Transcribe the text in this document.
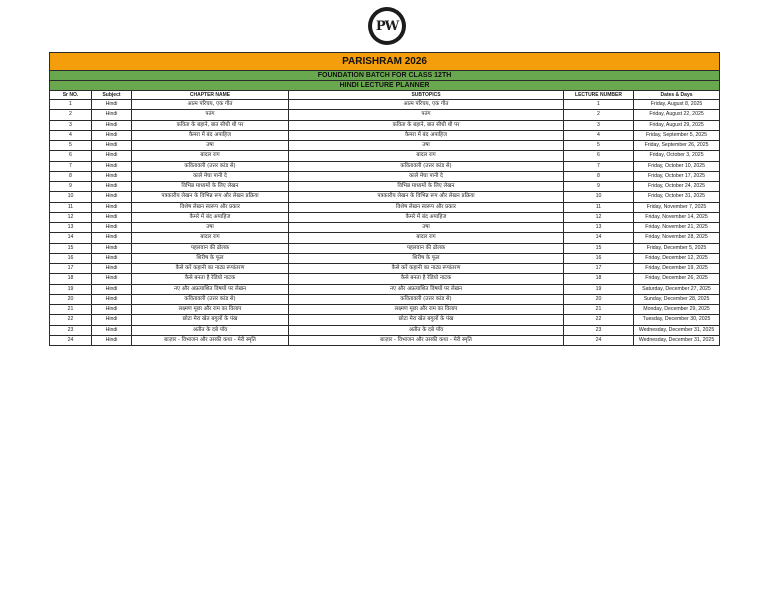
PW
PARISHRAM 2026					
FOUNDATION BATCH FOR CLASS 12TH					
HINDI LECTURE PLANNER					
Sr NO.	Subject	CHAPTER NAME	SUBTOPICS	LECTURE NUMBER	Dates & Days
1	Hindi	आत्म परिचय, एक गीत	आत्म परिचय, एक गीत	1	Friday, August 8, 2025
2	Hindi	पतंग	पतंग	2	Friday, August 22, 2025
3	Hindi	कविता के बहाने, बात सीधी थी पर	कविता के बहाने, बात सीधी थी पर	3	Friday, August 29, 2025
4	Hindi	कैमरा में बंद अपाहिज	कैमरा में बंद अपाहिज	4	Friday, September 5, 2025
5	Hindi	उषा	उषा	5	Friday, September 26, 2025
6	Hindi	बादल राग	बादल राग	6	Friday, October 3, 2025
7	Hindi	कवितावली (उत्तर कांड से)	कवितावली (उत्तर कांड से)	7	Friday, October 10, 2025
8	Hindi	काले मेघा पानी दे	काले मेघा पानी दे	8	Friday, October 17, 2025
9	Hindi	विभिन्न माध्यमों के लिए लेखन	विभिन्न माध्यमों के लिए लेखन	9	Friday, October 24, 2025
10	Hindi	पत्रकारीय लेखन के विभिन्न रूप और लेखन प्रक्रिया	पत्रकारीय लेखन के विभिन्न रूप और लेखन प्रक्रिया	10	Friday, October 31, 2025
11	Hindi	विशेष लेखन स्वरूप और प्रकार	विशेष लेखन स्वरूप और प्रकार	11	Friday, November 7, 2025
12	Hindi	कैमरे में बंद अपाहिज	कैमरे में बंद अपाहिज	12	Friday, November 14, 2025
13	Hindi	उषा	उषा	13	Friday, November 21, 2025
14	Hindi	बादल राग	बादल राग	14	Friday, November 28, 2025
15	Hindi	पहलवान की ढोलक	पहलवान की ढोलक	15	Friday, December 5, 2025
16	Hindi	शिरीष के फूल	शिरीष के फूल	16	Friday, December 12, 2025
17	Hindi	कैसे करें कहानी का नाट्य रूपांतरण	कैसे करें कहानी का नाट्य रूपांतरण	17	Friday, December 19, 2025
18	Hindi	कैसे बनता है रेडियो नाटक	कैसे बनता है रेडियो नाटक	18	Friday, December 26, 2025
19	Hindi	नए और अप्रत्याशित विषयों पर लेखन	नए और अप्रत्याशित विषयों पर लेखन	19	Saturday, December 27, 2025
20	Hindi	कवितावली (उत्तर कांड से)	कवितावली (उत्तर कांड से)	20	Sunday, December 28, 2025
21	Hindi	लक्ष्मण मूछा और राम का विलाप	लक्ष्मण मूछा और राम का विलाप	21	Monday, December 29, 2025
22	Hindi	छोटा मेरा खेत बगुलों के पंख	छोटा मेरा खेत बगुलों के पंख	22	Tuesday, December 30, 2025
23	Hindi	अतीत के दबे पाँव	अतीत के दबे पाँव	23	Wednesday, December 31, 2025
24	Hindi	बाज़ार - विभाजन और उसकी कथा - मेरी स्मृति	बाज़ार - विभाजन और उसकी कथा - मेरी स्मृति	24	Wednesday, December 31, 2025
